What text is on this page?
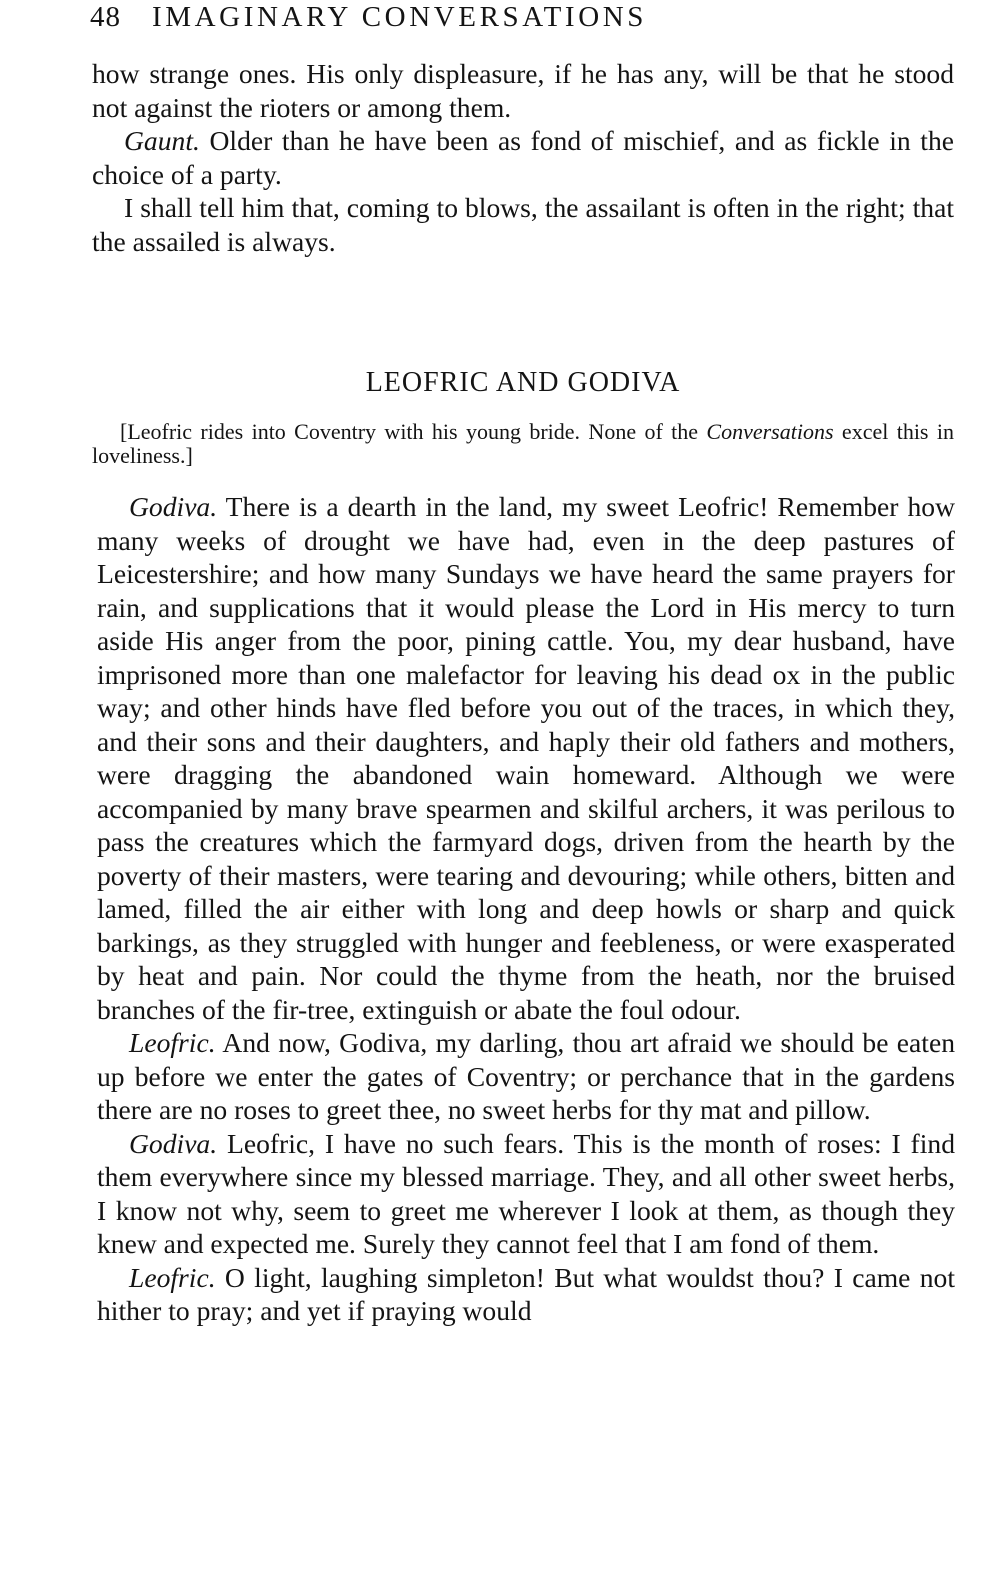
48 IMAGINARY CONVERSATIONS

how strange ones. His only displeasure, if he has any, will be that he stood not against the rioters or among them.

Gaunt. Older than he have been as fond of mischief, and as fickle in the choice of a party.

I shall tell him that, coming to blows, the assailant is often in the right; that the assailed is always.

LEOFRIC AND GODIVA

[Leofric rides into Coventry with his young bride. None of the Conversations excel this in loveliness.]

Godiva. There is a dearth in the land, my sweet Leofric! Remember how many weeks of drought we have had, even in the deep pastures of Leicestershire; and how many Sundays we have heard the same prayers for rain, and supplications that it would please the Lord in His mercy to turn aside His anger from the poor, pining cattle. You, my dear husband, have imprisoned more than one malefactor for leaving his dead ox in the public way; and other hinds have fled before you out of the traces, in which they, and their sons and their daughters, and haply their old fathers and mothers, were dragging the abandoned wain homeward. Although we were accompanied by many brave spearmen and skilful archers, it was perilous to pass the creatures which the farmyard dogs, driven from the hearth by the poverty of their masters, were tearing and devouring; while others, bitten and lamed, filled the air either with long and deep howls or sharp and quick barkings, as they struggled with hunger and feebleness, or were exasperated by heat and pain. Nor could the thyme from the heath, nor the bruised branches of the fir-tree, extinguish or abate the foul odour.

Leofric. And now, Godiva, my darling, thou art afraid we should be eaten up before we enter the gates of Coventry; or perchance that in the gardens there are no roses to greet thee, no sweet herbs for thy mat and pillow.

Godiva. Leofric, I have no such fears. This is the month of roses: I find them everywhere since my blessed marriage. They, and all other sweet herbs, I know not why, seem to greet me wherever I look at them, as though they knew and expected me. Surely they cannot feel that I am fond of them.

Leofric. O light, laughing simpleton! But what wouldst thou? I came not hither to pray; and yet if praying would
